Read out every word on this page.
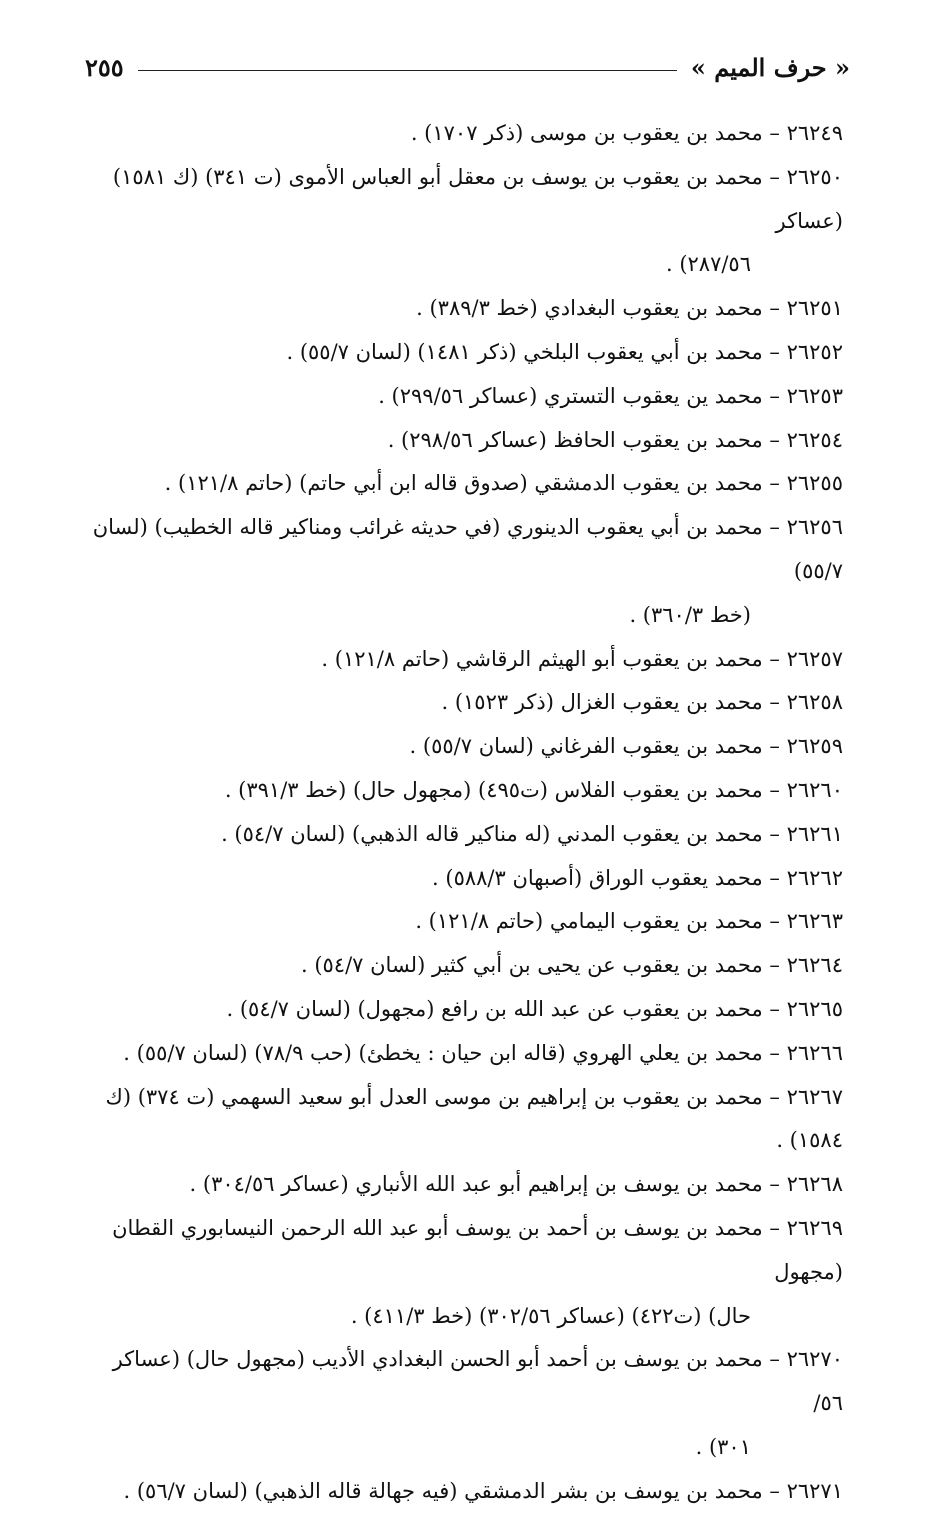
« حرف الميم »
٢٥٥

٢٦٢٤٩ – محمد بن يعقوب بن موسى (ذكر ١٧٠٧) .

٢٦٢٥٠ – محمد بن يعقوب بن يوسف بن معقل أبو العباس الأموى (ت ٣٤١) (ك ١٥٨١) (عساكر

٢٨٧/٥٦) .

٢٦٢٥١ – محمد بن يعقوب البغدادي (خط ٣٨٩/٣) .

٢٦٢٥٢ – محمد بن أبي يعقوب البلخي (ذكر ١٤٨١) (لسان ٥٥/٧) .

٢٦٢٥٣ – محمد ين يعقوب التستري (عساكر ٢٩٩/٥٦) .

٢٦٢٥٤ – محمد بن يعقوب الحافظ (عساكر ٢٩٨/٥٦) .

٢٦٢٥٥ – محمد بن يعقوب الدمشقي (صدوق قاله ابن أبي حاتم) (حاتم ١٢١/٨) .

٢٦٢٥٦ – محمد بن أبي يعقوب الدينوري (في حديثه غرائب ومناكير قاله الخطيب) (لسان ٥٥/٧)

(خط ٣٦٠/٣) .

٢٦٢٥٧ – محمد بن يعقوب أبو الهيثم الرقاشي (حاتم ١٢١/٨) .

٢٦٢٥٨ – محمد بن يعقوب الغزال (ذكر ١٥٢٣) .

٢٦٢٥٩ – محمد بن يعقوب الفرغاني (لسان ٥٥/٧) .

٢٦٢٦٠ – محمد بن يعقوب الفلاس (ت٤٩٥) (مجهول حال) (خط ٣٩١/٣) .

٢٦٢٦١ – محمد بن يعقوب المدني (له مناكير قاله الذهبي) (لسان ٥٤/٧) .

٢٦٢٦٢ – محمد يعقوب الوراق (أصبهان ٥٨٨/٣) .

٢٦٢٦٣ – محمد بن يعقوب اليمامي (حاتم ١٢١/٨) .

٢٦٢٦٤ – محمد بن يعقوب عن يحيى بن أبي كثير (لسان ٥٤/٧) .

٢٦٢٦٥ – محمد بن يعقوب عن عبد الله بن رافع (مجهول) (لسان ٥٤/٧) .

٢٦٢٦٦ – محمد بن يعلي الهروي (قاله ابن حيان : يخطئ) (حب ٧٨/٩) (لسان ٥٥/٧) .

٢٦٢٦٧ – محمد بن يعقوب بن إبراهيم بن موسى العدل أبو سعيد السهمي (ت ٣٧٤) (ك ١٥٨٤) .

٢٦٢٦٨ – محمد بن يوسف بن إبراهيم أبو عبد الله الأنباري (عساكر ٣٠٤/٥٦) .

٢٦٢٦٩ – محمد بن يوسف بن أحمد بن يوسف أبو عبد الله الرحمن النيسابوري القطان (مجهول

حال) (ت٤٢٢) (عساكر ٣٠٢/٥٦) (خط ٤١١/٣) .

٢٦٢٧٠ – محمد بن يوسف بن أحمد أبو الحسن البغدادي الأديب (مجهول حال) (عساكر ٥٦/

٣٠١) .

٢٦٢٧١ – محمد بن يوسف بن بشر الدمشقي (فيه جهالة قاله الذهبي) (لسان ٥٦/٧) .
